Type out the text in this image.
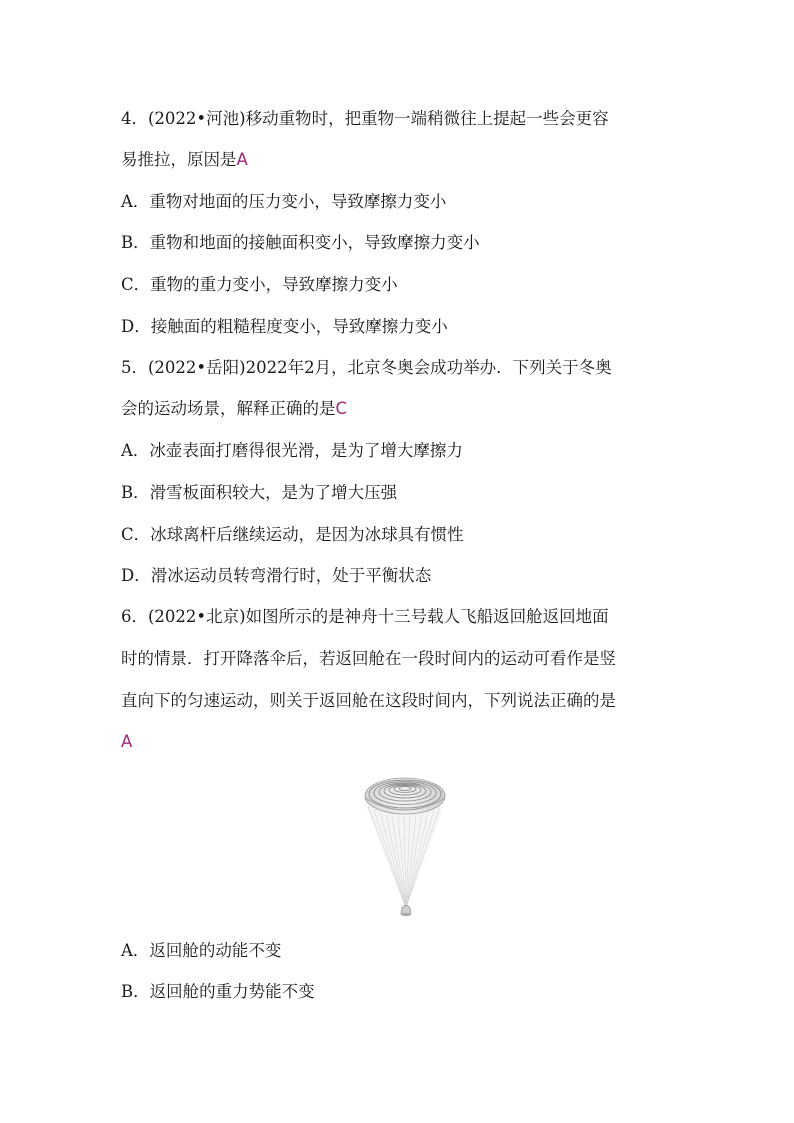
4．(2022•河池)移动重物时，把重物一端稍微往上提起一些会更容
易推拉，原因是A
A．重物对地面的压力变小，导致摩擦力变小
B．重物和地面的接触面积变小，导致摩擦力变小
C．重物的重力变小，导致摩擦力变小
D．接触面的粗糙程度变小，导致摩擦力变小
5．(2022•岳阳)2022年2月，北京冬奥会成功举办．下列关于冬奥
会的运动场景，解释正确的是C
A．冰壶表面打磨得很光滑，是为了增大摩擦力
B．滑雪板面积较大，是为了增大压强
C．冰球离杆后继续运动，是因为冰球具有惯性
D．滑冰运动员转弯滑行时，处于平衡状态
6．(2022•北京)如图所示的是神舟十三号载人飞船返回舱返回地面
时的情景．打开降落伞后，若返回舱在一段时间内的运动可看作是竖
直向下的匀速运动，则关于返回舱在这段时间内，下列说法正确的是
A
A．返回舱的动能不变
B．返回舱的重力势能不变
